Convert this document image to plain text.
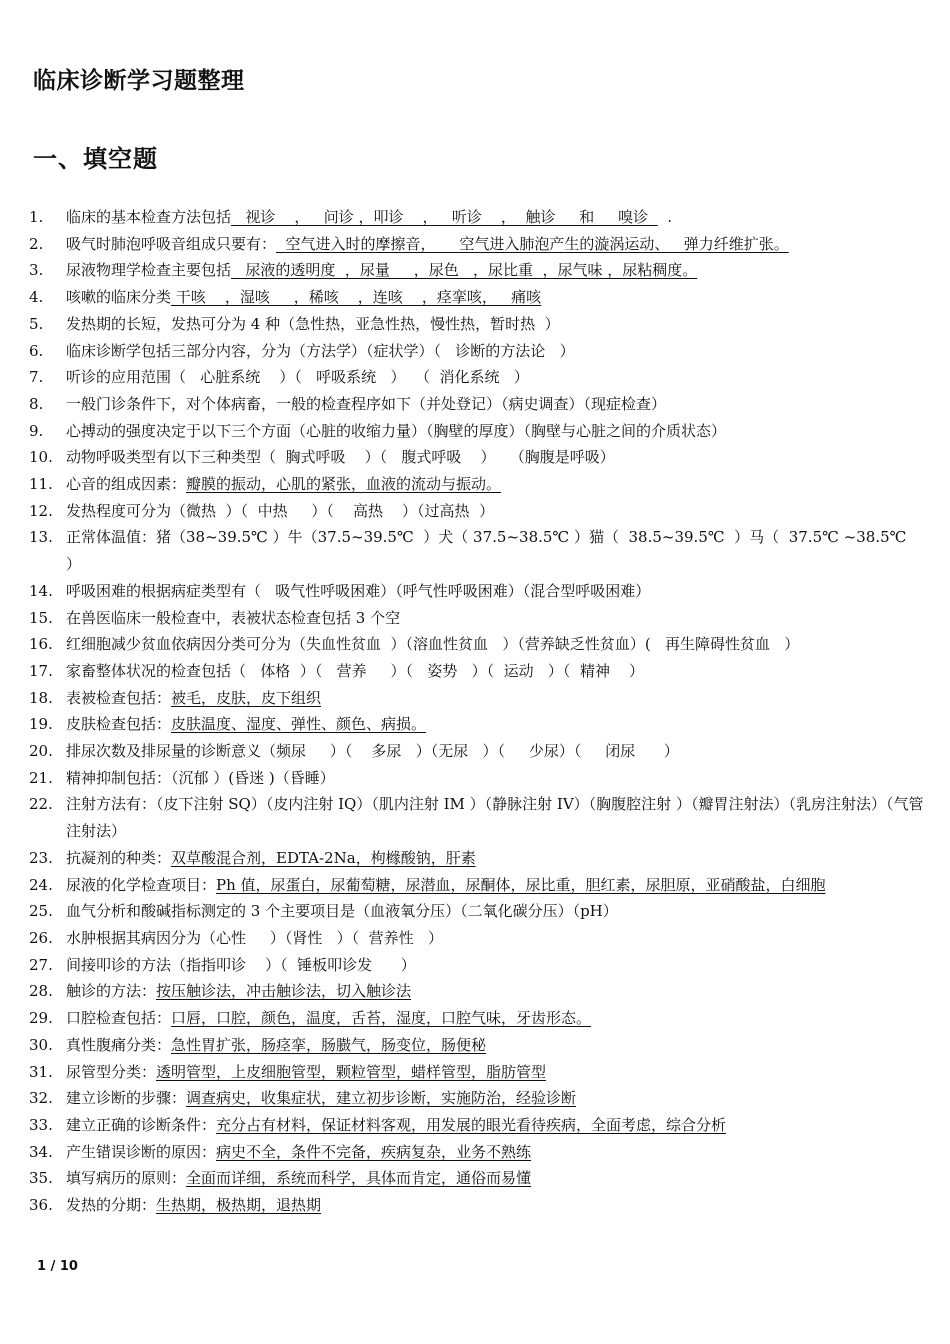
临床诊断学习题整理
一、填空题
1.	临床的基本检查方法包括   视诊    ，   问诊 ，叩诊    ，   听诊    ，  触诊     和     嗅诊    .
2.	吸气时肺泡呼吸音组成只要有：  空气进入时的摩擦音，     空气进入肺泡产生的漩涡运动、   弹力纤维扩张。
3.	尿液物理学检查主要包括   尿液的透明度  ，尿量     ，尿色   ，尿比重  ，尿气味 ，尿粘稠度。
4.	咳嗽的临床分类 干咳    ，湿咳     ，稀咳    ，连咳    ，痉挛咳，   痛咳
5.	发热期的长短，发热可分为 4 种（急性热，亚急性热，慢性热，暂时热  ）
6.	临床诊断学包括三部分内容，分为（方法学）（症状学）（   诊断的方法论   ）
7.	听诊的应用范围（   心脏系统    ）（   呼吸系统   ）  （  消化系统   ）
8.	一般门诊条件下，对个体病畜，一般的检查程序如下（并处登记）（病史调查）（现症检查）
9.	心搏动的强度决定于以下三个方面（心脏的收缩力量）（胸壁的厚度）（胸壁与心脏之间的介质状态）
10. 动物呼吸类型有以下三种类型（  胸式呼吸    ）（   腹式呼吸    ）   （胸腹是呼吸）
11. 心音的组成因素：瓣膜的振动，心肌的紧张，血液的流动与振动。
12. 发热程度可分为（微热  ）（  中热     ）（    高热    ）（过高热  ）
13. 正常体温值：猪（38~39.5℃ ）牛（37.5~39.5℃  ）犬（ 37.5~38.5℃ ）猫（  38.5~39.5℃  ）马（  37.5℃ ~38.5℃        ）
14. 呼吸困难的根据病症类型有（   吸气性呼吸困难）（呼气性呼吸困难）（混合型呼吸困难）
15. 在兽医临床一般检查中，表被状态检查包括 3 个空
16. 红细胞减少贫血依病因分类可分为（失血性贫血  ）（溶血性贫血   ）（营养缺乏性贫血）(   再生障碍性贫血   ）
17. 家畜整体状况的检查包括（   体格  ）（   营养     ）（   姿势   ）（  运动   ）（  精神    ）
18. 表被检查包括：被毛，皮肤，皮下组织
19. 皮肤检查包括：皮肤温度、湿度、弹性、颜色、病损。
20. 排尿次数及排尿量的诊断意义（频尿     ）（    多尿   ）（无尿   ）（     少尿）（     闭尿      ）
21. 精神抑制包括：（沉郁 ）(昏迷 )（昏睡）
22. 注射方法有：（皮下注射 SQ）（皮内注射 IQ）（肌内注射 IM ）（静脉注射 IV）（胸腹腔注射 ）（瓣胃注射法）（乳房注射法）（气管注射法）
23. 抗凝剂的种类：双草酸混合剂，EDTA-2Na，枸橼酸钠，肝素
24. 尿液的化学检查项目：Ph 值，尿蛋白，尿葡萄糖，尿潜血，尿酮体，尿比重，胆红素，尿胆原，亚硝酸盐，白细胞
25. 血气分析和酸碱指标测定的 3 个主要项目是（血液氧分压）（二氧化碳分压）（pH）
26. 水肿根据其病因分为（心性     ）（肾性   ）（  营养性   ）
27. 间接叩诊的方法（指指叩诊    ）（  锤板叩诊发      ）
28. 触诊的方法：按压触诊法，冲击触诊法，切入触诊法
29. 口腔检查包括：口唇，口腔，颜色，温度，舌苔，湿度，口腔气味，牙齿形态。
30. 真性腹痛分类：急性胃扩张，肠痉挛，肠臌气，肠变位，肠便秘
31. 尿管型分类：透明管型，上皮细胞管型，颗粒管型，蜡样管型，脂肪管型
32. 建立诊断的步骤：调查病史，收集症状，建立初步诊断，实施防治，经验诊断
33. 建立正确的诊断条件：充分占有材料，保证材料客观，用发展的眼光看待疾病，全面考虑，综合分析
34. 产生错误诊断的原因：病史不全，条件不完备，疾病复杂，业务不熟练
35. 填写病历的原则：全面而详细，系统而科学，具体而肯定，通俗而易懂
36. 发热的分期：生热期，极热期，退热期
1 / 10
